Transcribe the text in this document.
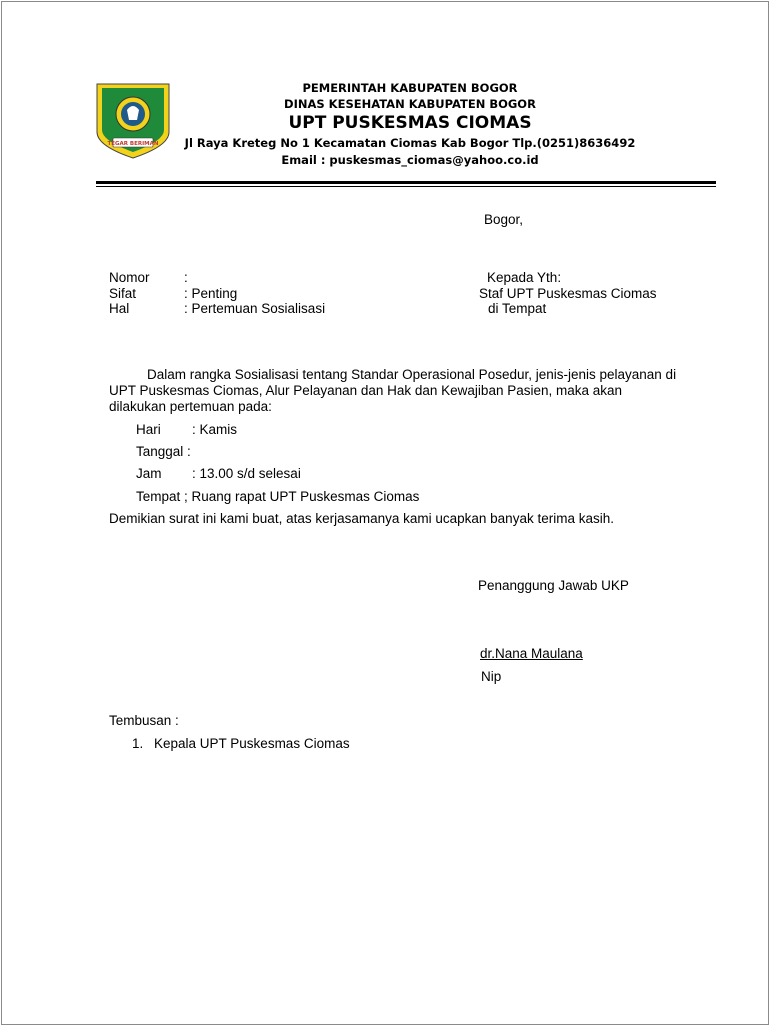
TEGAR BERIMAN
PEMERINTAH KABUPATEN BOGOR
DINAS KESEHATAN KABUPATEN BOGOR
UPT PUSKESMAS CIOMAS
Jl Raya Kreteg No 1 Kecamatan Ciomas Kab Bogor Tlp.(0251)8636492
Email : puskesmas_ciomas@yahoo.co.id
Bogor,
Nomor	:
Sifat	: Penting
Hal	: Pertemuan Sosialisasi
Kepada Yth:
Staf UPT Puskesmas Ciomas
di Tempat
Dalam rangka Sosialisasi tentang Standar Operasional Posedur, jenis-jenis pelayanan di
UPT Puskesmas Ciomas, Alur Pelayanan dan Hak dan Kewajiban Pasien, maka akan
dilakukan pertemuan pada:
Hari : Kamis
Tanggal :
Jam : 13.00 s/d selesai
Tempat ; Ruang rapat UPT Puskesmas Ciomas
Demikian surat ini kami buat, atas kerjasamanya kami ucapkan banyak terima kasih.
Penanggung Jawab UKP
dr.Nana Maulana
Nip
Tembusan :
1. Kepala UPT Puskesmas Ciomas
